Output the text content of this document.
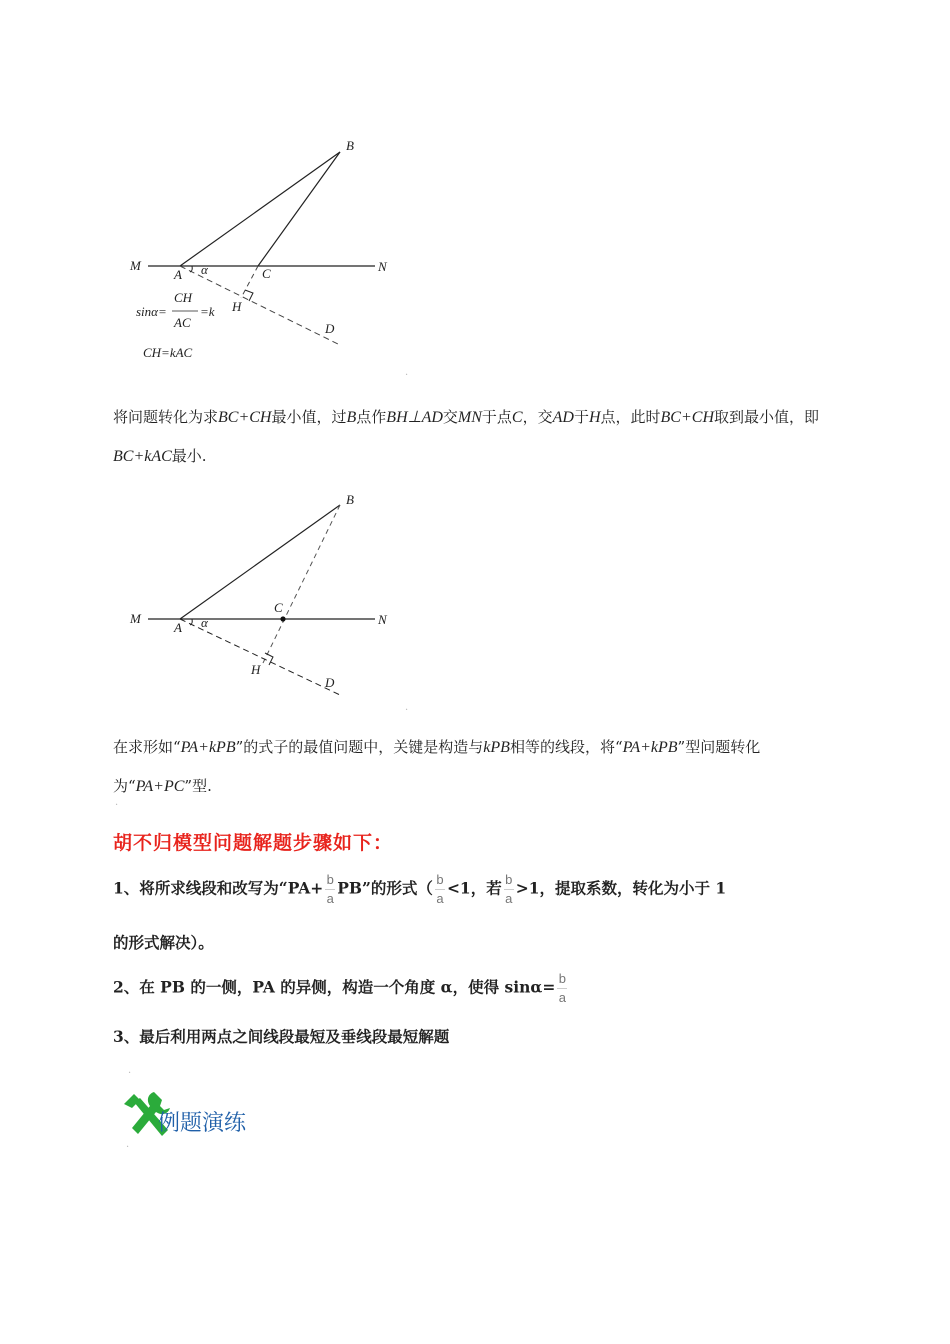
B
M	N
A α	C
H
D
sinα=
CH
AC
=k
CH=kAC
·
将问题转化为求BC+CH最小值，过B点作BH⊥AD交MN于点C，交AD于H点，此时BC+CH取到最小值，即BC+kAC最小.
B
M	N
A α
C
H
D
·
在求形如“PA+kPB”的式子的最值问题中，关键是构造与kPB相等的线段，将“PA+kPB”型问题转化为“PA+PC”型.
·
胡不归模型问题解题步骤如下：
1、将所求线段和改写为“$PA+ \frac{b}{a}$ PB”的形式（ $\frac{b}{a} <1$，若 $\frac{b}{a} >1$，提取系数，转化为小于 1
的形式解决）。
2、在 PB 的一侧，PA 的异侧，构造一个角度 α，使得 $\sin\alpha= \frac{b}{a}$
3、最后利用两点之间线段最短及垂线段最短解题
·
例题演练
·
